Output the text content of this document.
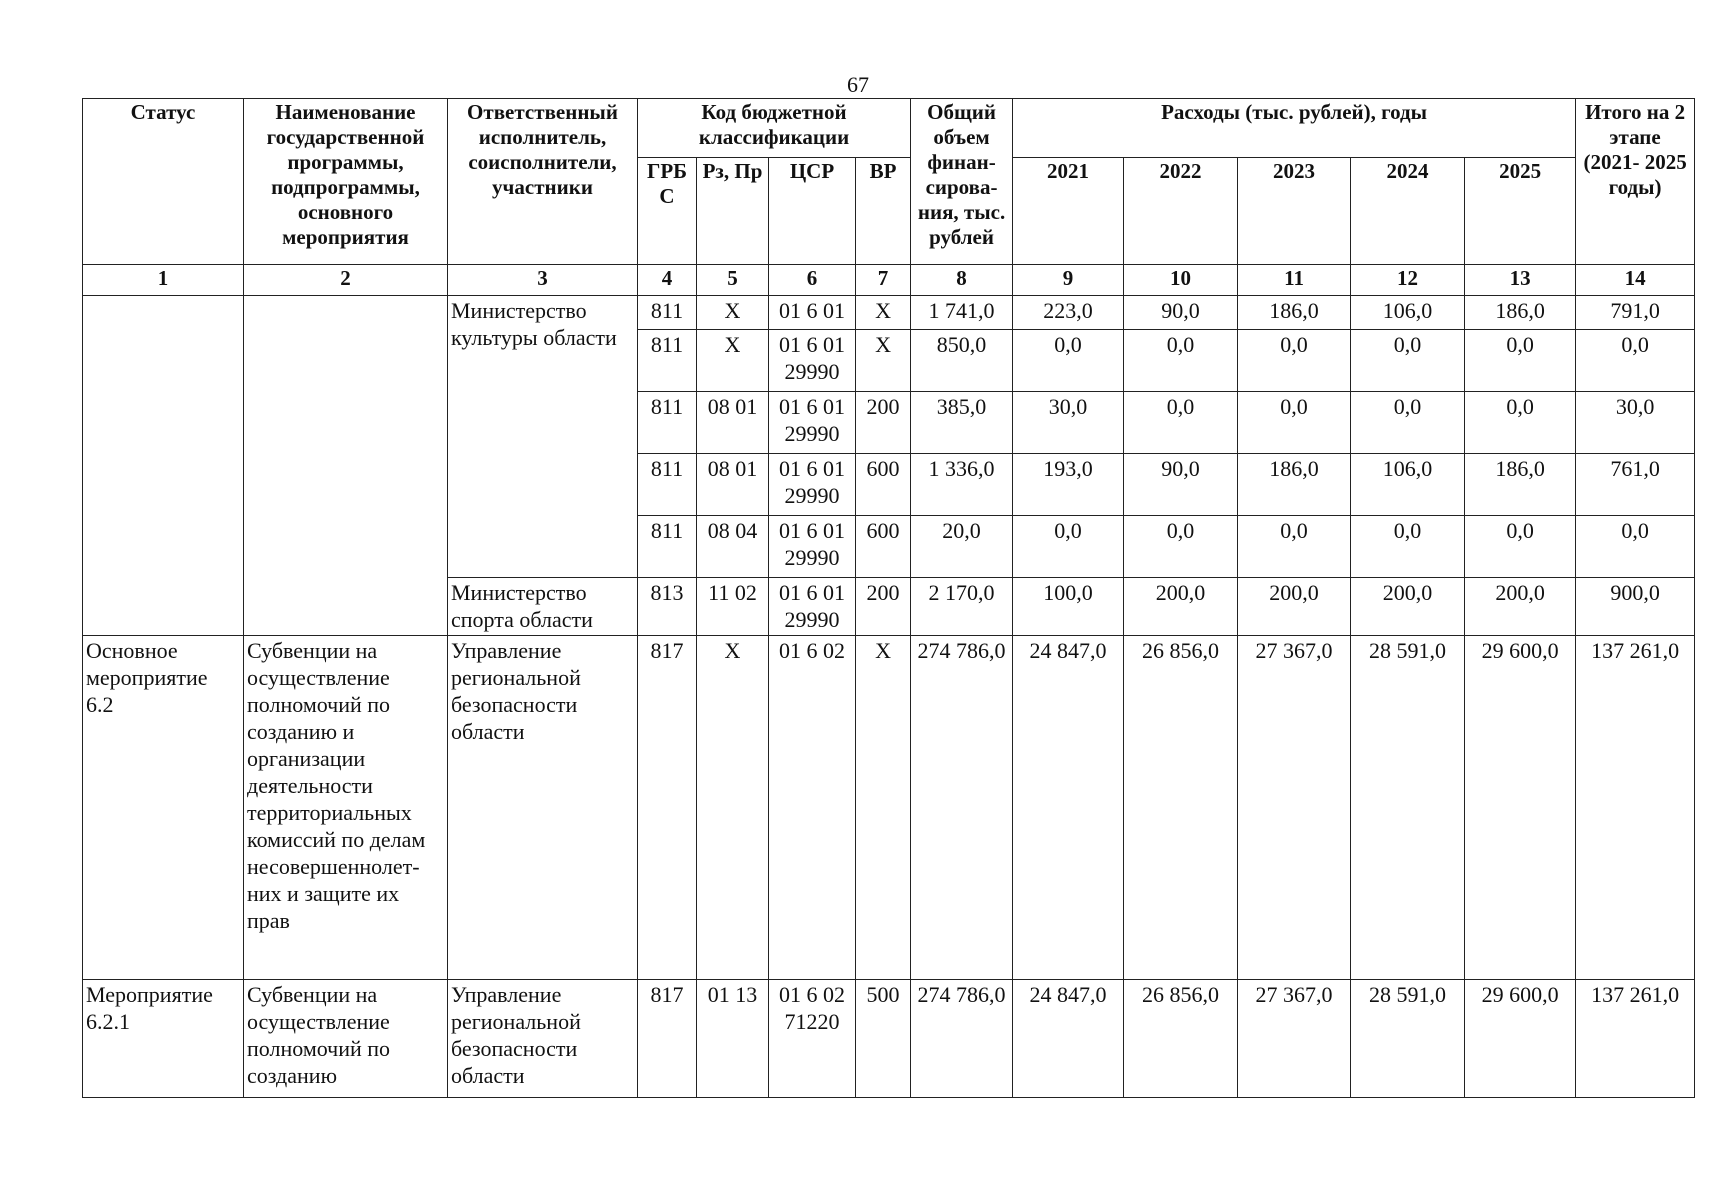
67
Статус	Наименование государственной программы, подпрограммы, основного мероприятия	Ответственный исполнитель, соисполнители, участники	Код бюджетной классификации				Общий объем финан- сирова- ния, тыс. рублей	Расходы (тыс. рублей), годы					Итого на 2 этапе (2021- 2025 годы)
			ГРБ С	Рз, Пр	ЦСР	ВР		2021	2022	2023	2024	2025	
1	2	3	4	5	6	7	8	9	10	11	12	13	14
		Министерство культуры области	811	X	01 6 01	X	1 741,0	223,0	90,0	186,0	106,0	186,0	791,0
			811	X	01 6 01 29990	X	850,0	0,0	0,0	0,0	0,0	0,0	0,0
			811	08 01	01 6 01 29990	200	385,0	30,0	0,0	0,0	0,0	0,0	30,0
			811	08 01	01 6 01 29990	600	1 336,0	193,0	90,0	186,0	106,0	186,0	761,0
			811	08 04	01 6 01 29990	600	20,0	0,0	0,0	0,0	0,0	0,0	0,0
		Министерство спорта области	813	11 02	01 6 01 29990	200	2 170,0	100,0	200,0	200,0	200,0	200,0	900,0
Основное мероприятие 6.2	Субвенции на осуществление полномочий по созданию и организации деятельности территориальных комиссий по делам несовершеннолет- них и защите их прав	Управление региональной безопасности области	817	X	01 6 02	X	274 786,0	24 847,0	26 856,0	27 367,0	28 591,0	29 600,0	137 261,0
Мероприятие 6.2.1	Субвенции на осуществление полномочий по созданию	Управление региональной безопасности области	817	01 13	01 6 02 71220	500	274 786,0	24 847,0	26 856,0	27 367,0	28 591,0	29 600,0	137 261,0
